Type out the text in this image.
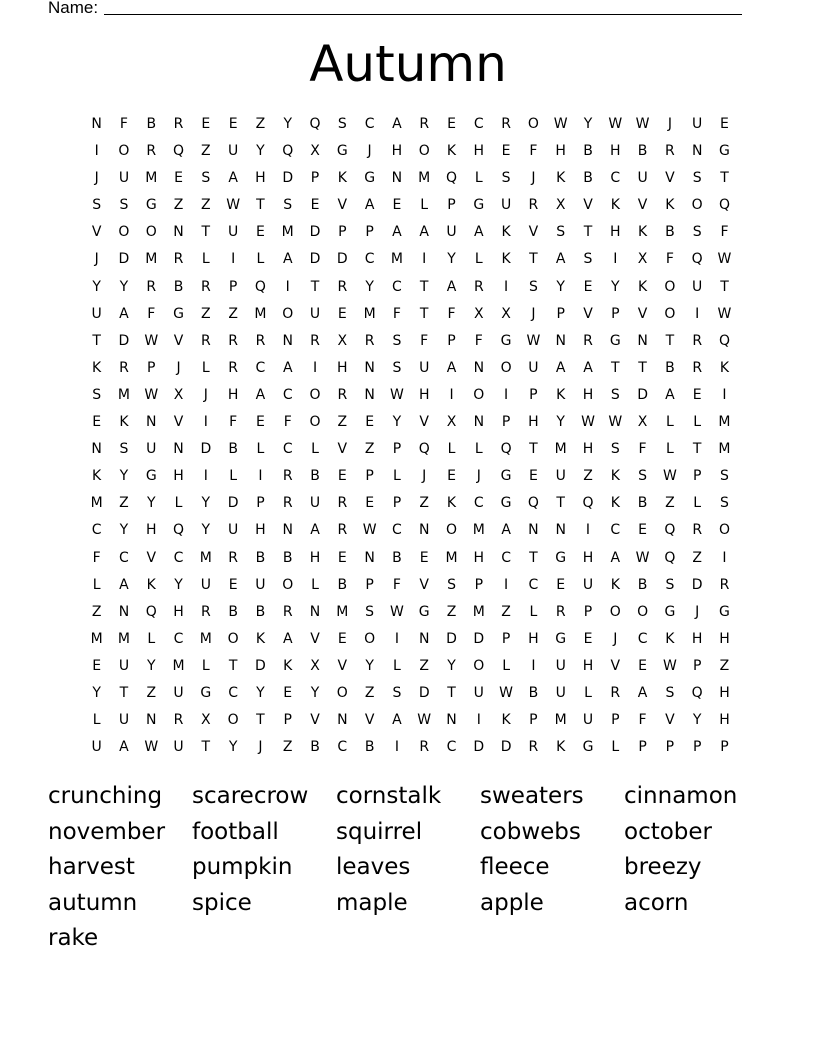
Name:
Autumn
N	F	B	R	E	E	Z	Y	Q	S	C	A	R	E	C	R	O	W	Y	W W	J	U	E
I	O	R	Q	Z	U	Y	Q	X	G	J	H	O	K	H	E	F	H	B	H	B	R	N	G
J	U	M	E	S	A	H	D	P	K	G	N	M	Q	L	S	J	K	B	C	U	V	S	T
S	S	G	Z	Z	W	T	S	E	V	A	E	L	P	G	U	R	X	V	K	V	K	O	Q
V	O	O	N	T	U	E	M	D	P	P	A	A	U	A	K	V	S	T	H	K	B	S	F
J	D	M	R	L	I	L	A	D	D	C	M	I	Y	L	K	T	A	S	I	X	F	Q	W
Y	Y	R	B	R	P	Q	I	T	R	Y	C	T	A	R	I	S	Y	E	Y	K	O	U	T
U	A	F	G	Z	Z	M	O	U	E	M	F	T	F	X	X	J	P	V	P	V	O	I	W
T	D	W	V	R	R	R	N	R	X	R	S	F	P	F	G	W	N	R	G	N	T	R	Q
K	R	P	J	L	R	C	A	I	H	N	S	U	A	N	O	U	A	A	T	T	B	R	K
S	M	W	X	J	H	A	C	O	R	N	W	H	I	O	I	P	K	H	S	D	A	E	I
E	K	N	V	I	F	E	F	O	Z	E	Y	V	X	N	P	H	Y	W W	X	L	L	M
N	S	U	N	D	B	L	C	L	V	Z	P	Q	L	L	Q	T	M	H	S	F	L	T	M
K	Y	G	H	I	L	I	R	B	E	P	L	J	E	J	G	E	U	Z	K	S	W	P	S
M	Z	Y	L	Y	D	P	R	U	R	E	P	Z	K	C	G	Q	T	Q	K	B	Z	L	S
C	Y	H	Q	Y	U	H	N	A	R	W	C	N	O	M	A	N	N	I	C	E	Q	R	O
F	C	V	C	M	R	B	B	H	E	N	B	E	M	H	C	T	G	H	A	W	Q	Z	I
L	A	K	Y	U	E	U	O	L	B	P	F	V	S	P	I	C	E	U	K	B	S	D	R
Z	N	Q	H	R	B	B	R	N	M	S	W	G	Z	M	Z	L	R	P	O	O	G	J	G
M	M	L	C	M	O	K	A	V	E	O	I	N	D	D	P	H	G	E	J	C	K	H	H
E	U	Y	M	L	T	D	K	X	V	Y	L	Z	Y	O	L	I	U	H	V	E	W	P	Z
Y	T	Z	U	G	C	Y	E	Y	O	Z	S	D	T	U	W	B	U	L	R	A	S	Q	H
L	U	N	R	X	O	T	P	V	N	V	A	W	N	I	K	P	M	U	P	F	V	Y	H
U	A	W	U	T	Y	J	Z	B	C	B	I	R	C	D	D	R	K	G	L	P	P	P	P
crunching	scarecrow	cornstalk	sweaters	cinnamon
november	football	squirrel	cobwebs	october
harvest	pumpkin	leaves	fleece	breezy
autumn	spice	maple	apple	acorn
rake
